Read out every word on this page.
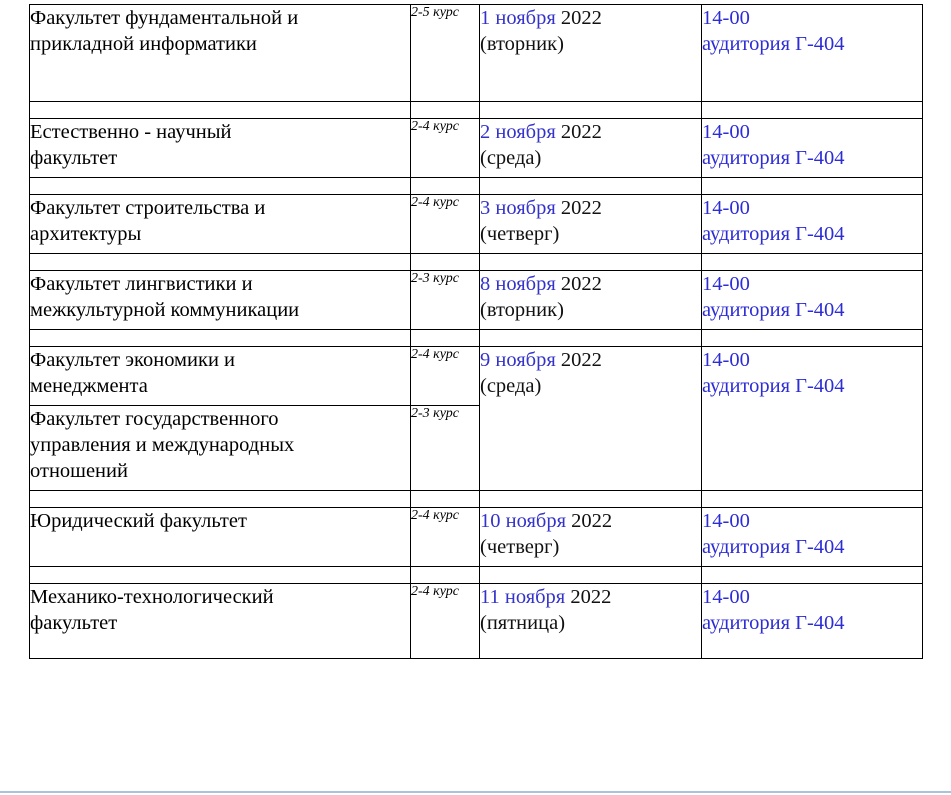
Факультет фундаментальной и
прикладной информатики	2-5 курс	1 ноября 2022
(вторник)	14-00
аудитория Г-404

Естественно - научный
факультет	2-4 курс	2 ноября 2022
(среда)	14-00
аудитория Г-404

Факультет строительства и
архитектуры	2-4 курс	3 ноября 2022
(четверг)	14-00
аудитория Г-404

Факультет лингвистики и
межкультурной коммуникации	2-3 курс	8 ноября 2022
(вторник)	14-00
аудитория Г-404

Факультет экономики и
менеджмента	2-4 курс	9 ноября 2022
(среда)	14-00
аудитория Г-404

Факультет государственного
управления и международных
отношений	2-3 курс		

Юридический факультет	2-4 курс	10 ноября 2022
(четверг)	14-00
аудитория Г-404

Механико-технологический
факультет	2-4 курс	11 ноября 2022
(пятница)	14-00
аудитория Г-404
